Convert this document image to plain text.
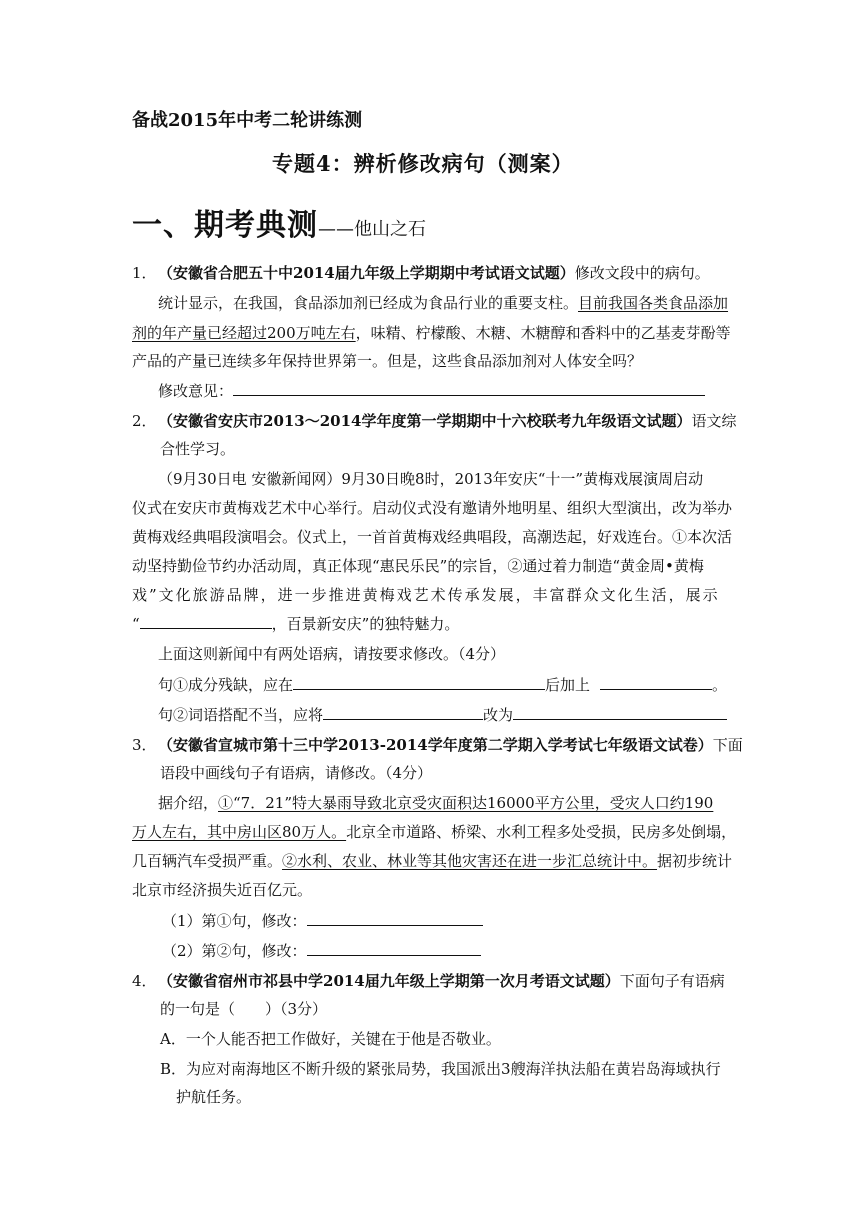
备战2015年中考二轮讲练测
专题4：辨析修改病句（测案）
一、期考典测——他山之石
1．（安徽省合肥五十中2014届九年级上学期期中考试语文试题）修改文段中的病句。
统计显示，在我国，食品添加剂已经成为食品行业的重要支柱。目前我国各类食品添加
剂的年产量已经超过200万吨左右，味精、柠檬酸、木糖、木糖醇和香料中的乙基麦芽酚等
产品的产量已连续多年保持世界第一。但是，这些食品添加剂对人体安全吗？
修改意见：
2．（安徽省安庆市2013～2014学年度第一学期期中十六校联考九年级语文试题）语文综
合性学习。
（9月30日电 安徽新闻网）9月30日晚8时，2013年安庆“十一”黄梅戏展演周启动
仪式在安庆市黄梅戏艺术中心举行。启动仪式没有邀请外地明星、组织大型演出，改为举办
黄梅戏经典唱段演唱会。仪式上，一首首黄梅戏经典唱段，高潮迭起，好戏连台。①本次活
动坚持勤俭节约办活动周，真正体现“惠民乐民”的宗旨，②通过着力制造“黄金周•黄梅
戏”文化旅游品牌，进一步推进黄梅戏艺术传承发展，丰富群众文化生活，展示
“	，百景新安庆”的独特魅力。
上面这则新闻中有两处语病，请按要求修改。（4分）
句①成分残缺，应在	后加上	。
句②词语搭配不当，应将	改为
3．（安徽省宣城市第十三中学2013-2014学年度第二学期入学考试七年级语文试卷）下面
语段中画线句子有语病，请修改。（4分）
据介绍，①“7．21”特大暴雨导致北京受灾面积达16000平方公里，受灾人口约190
万人左右，其中房山区80万人。北京全市道路、桥梁、水利工程多处受损，民房多处倒塌，
几百辆汽车受损严重。②水利、农业、林业等其他灾害还在进一步汇总统计中。据初步统计
北京市经济损失近百亿元。
（1）第①句，修改：
（2）第②句，修改：
4．（安徽省宿州市祁县中学2014届九年级上学期第一次月考语文试题）下面句子有语病
的一句是（　　）（3分）
A．一个人能否把工作做好，关键在于他是否敬业。
B．为应对南海地区不断升级的紧张局势，我国派出3艘海洋执法船在黄岩岛海域执行
护航任务。
